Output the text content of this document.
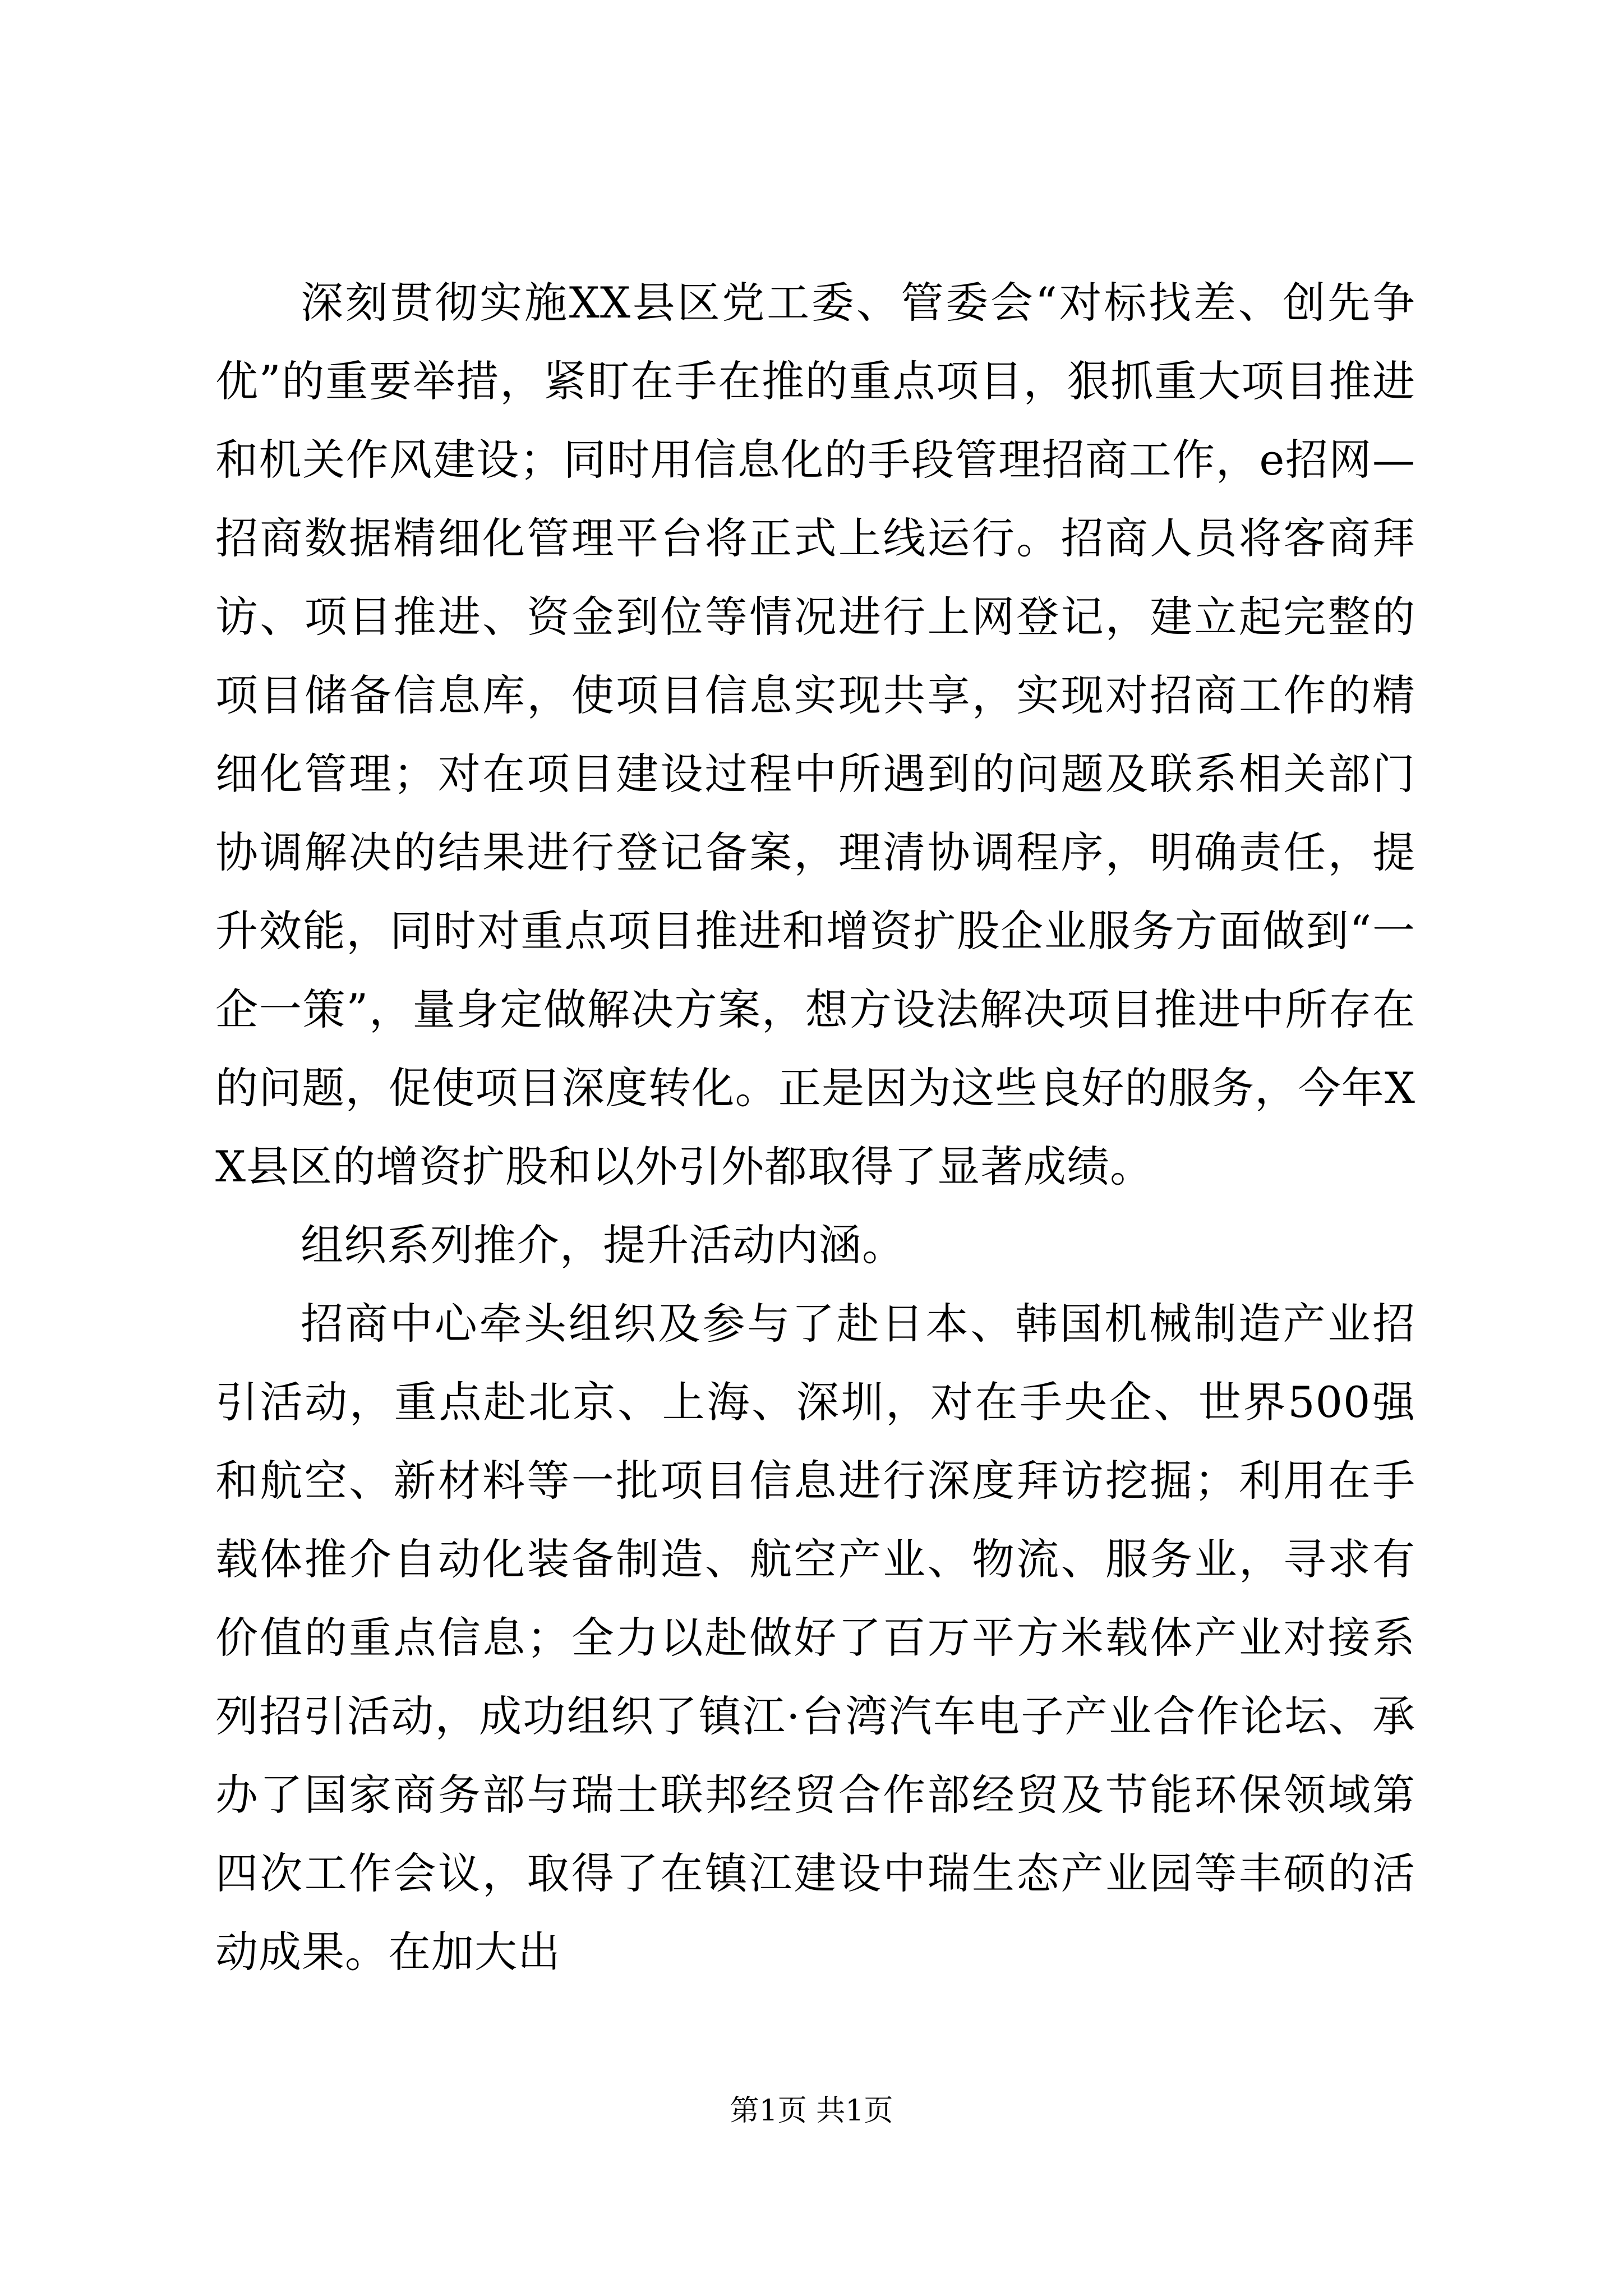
深刻贯彻实施XX县区党工委、管委会“对标找差、创先争优”的重要举措，紧盯在手在推的重点项目，狠抓重大项目推进和机关作风建设；同时用信息化的手段管理招商工作，e招网—招商数据精细化管理平台将正式上线运行。招商人员将客商拜访、项目推进、资金到位等情况进行上网登记，建立起完整的项目储备信息库，使项目信息实现共享，实现对招商工作的精细化管理；对在项目建设过程中所遇到的问题及联系相关部门协调解决的结果进行登记备案，理清协调程序，明确责任，提升效能，同时对重点项目推进和增资扩股企业服务方面做到“一企一策”，量身定做解决方案，想方设法解决项目推进中所存在的问题，促使项目深度转化。正是因为这些良好的服务，今年XX县区的增资扩股和以外引外都取得了显著成绩。

组织系列推介，提升活动内涵。

招商中心牵头组织及参与了赴日本、韩国机械制造产业招引活动，重点赴北京、上海、深圳，对在手央企、世界500强和航空、新材料等一批项目信息进行深度拜访挖掘；利用在手载体推介自动化装备制造、航空产业、物流、服务业，寻求有价值的重点信息；全力以赴做好了百万平方米载体产业对接系列招引活动，成功组织了镇江·台湾汽车电子产业合作论坛、承办了国家商务部与瑞士联邦经贸合作部经贸及节能环保领域第四次工作会议，取得了在镇江建设中瑞生态产业园等丰硕的活动成果。在加大出

第1页 共1页
